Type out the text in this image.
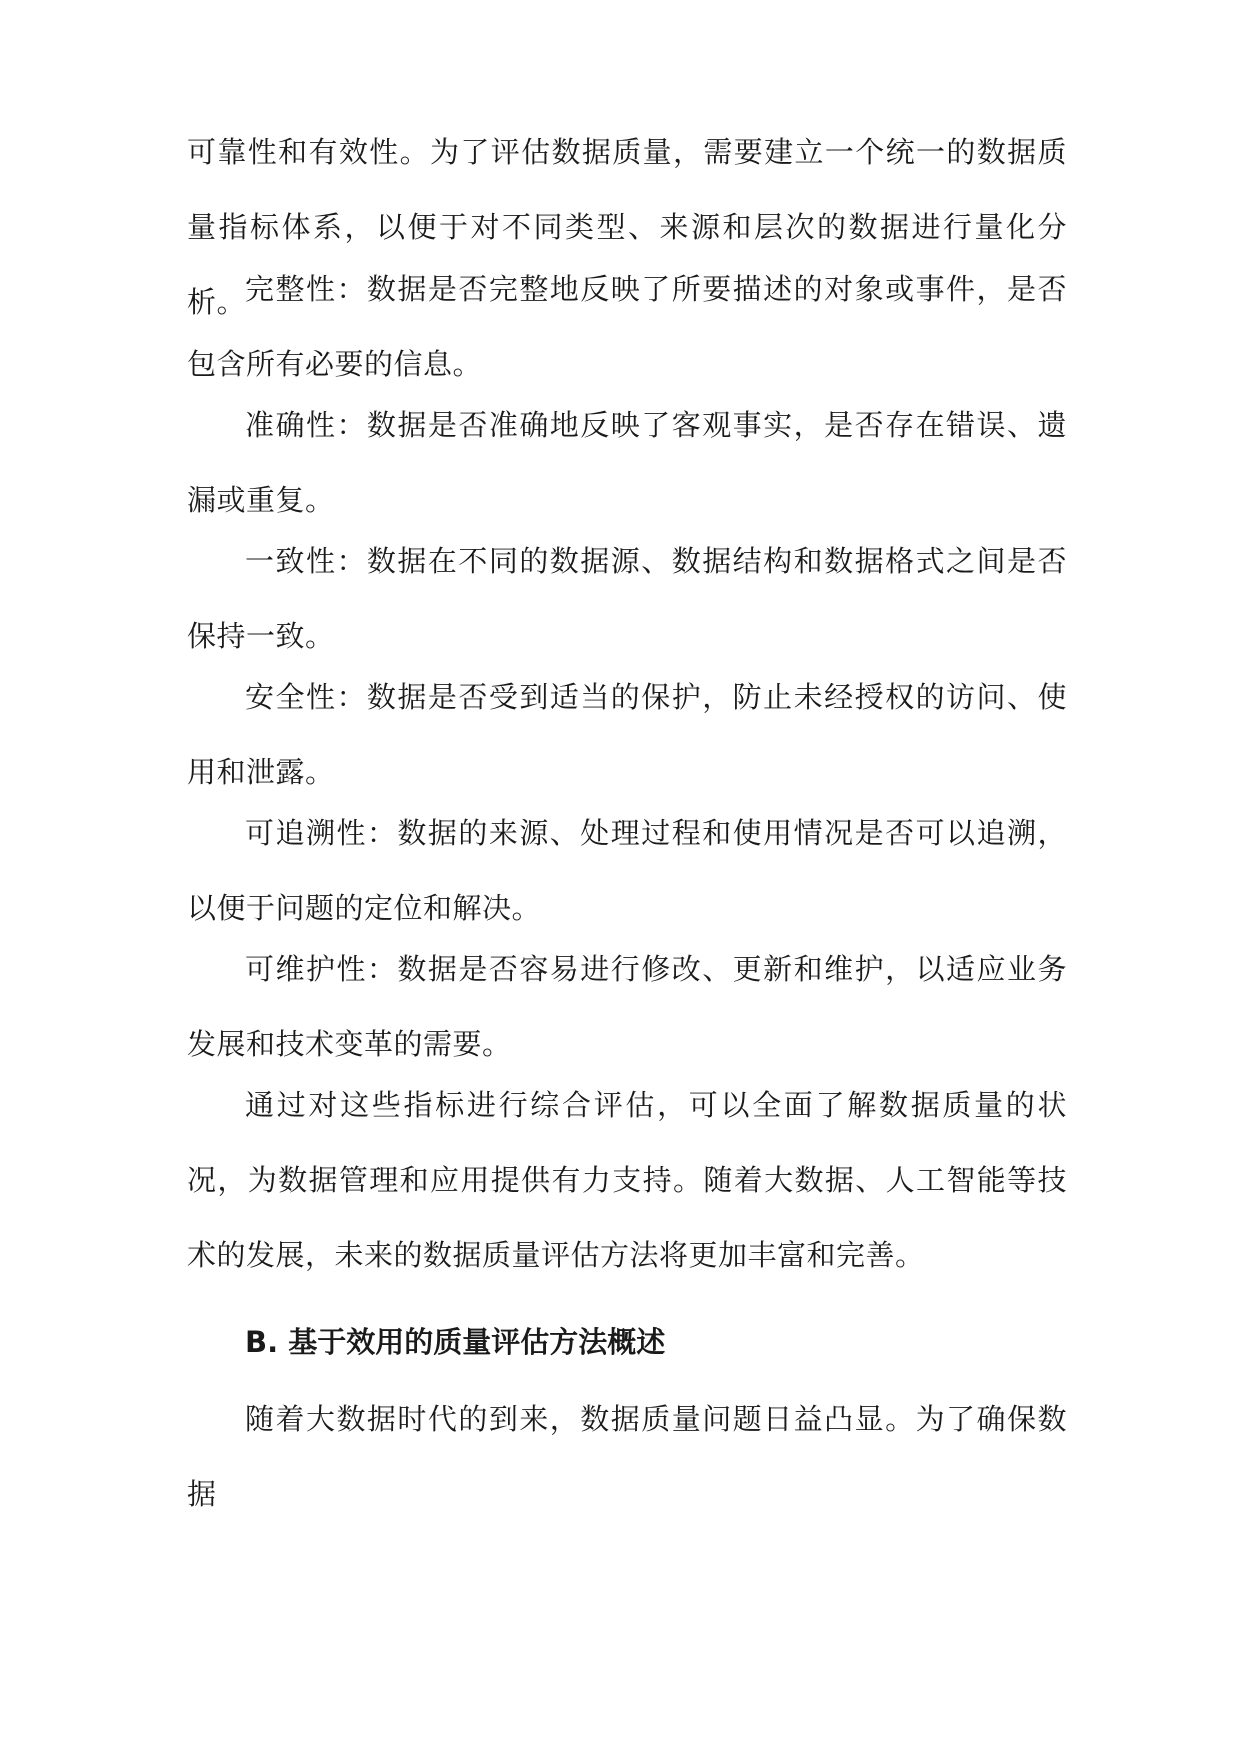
可靠性和有效性。为了评估数据质量，需要建立一个统一的数据质量指标体系，以便于对不同类型、来源和层次的数据进行量化分析。

完整性：数据是否完整地反映了所要描述的对象或事件，是否包含所有必要的信息。

准确性：数据是否准确地反映了客观事实，是否存在错误、遗漏或重复。

一致性：数据在不同的数据源、数据结构和数据格式之间是否保持一致。

安全性：数据是否受到适当的保护，防止未经授权的访问、使用和泄露。

可追溯性：数据的来源、处理过程和使用情况是否可以追溯，以便于问题的定位和解决。

可维护性：数据是否容易进行修改、更新和维护，以适应业务发展和技术变革的需要。

通过对这些指标进行综合评估，可以全面了解数据质量的状况，为数据管理和应用提供有力支持。随着大数据、人工智能等技术的发展，未来的数据质量评估方法将更加丰富和完善。

B. 基于效用的质量评估方法概述

随着大数据时代的到来，数据质量问题日益凸显。为了确保数据
